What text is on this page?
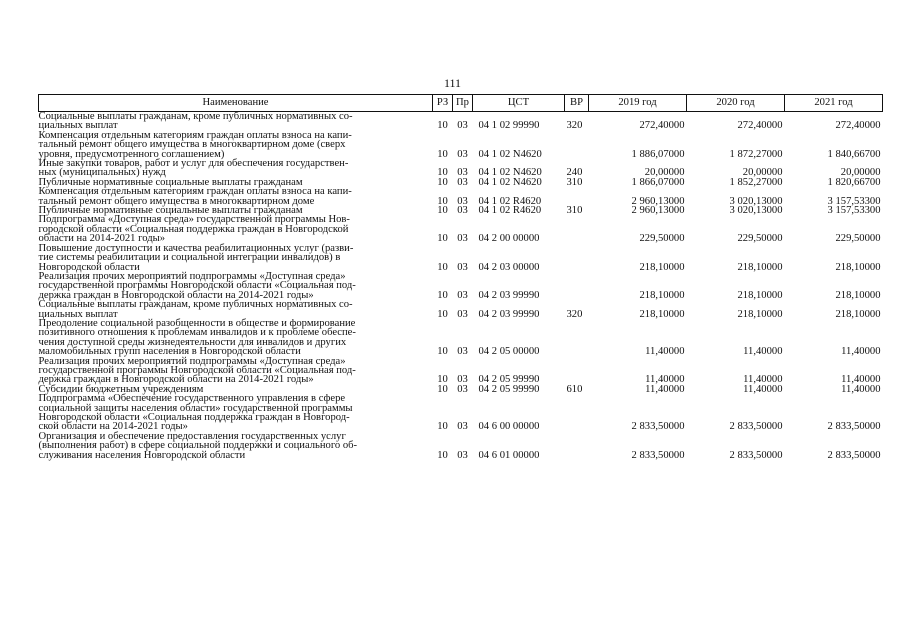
111
Наименование	РЗ	Пр	ЦСТ	ВР	2019 год	2020 год	2021 год

Социальные выплаты гражданам, кроме публичных нормативных со-
циальных выплат	10	03	04 1 02 99990	320	272,40000	272,40000	272,40000

Компенсация отдельным категориям граждан оплаты взноса на капи-
тальный ремонт общего имущества в многоквартирном доме (сверх
уровня, предусмотренного соглашением)	10	03	04 1 02 N4620		1 886,07000	1 872,27000	1 840,66700

Иные закупки товаров, работ и услуг для обеспечения государствен-
ных (муниципальных) нужд	10	03	04 1 02 N4620	240	20,00000	20,00000	20,00000

Публичные нормативные социальные выплаты гражданам	10	03	04 1 02 N4620	310	1 866,07000	1 852,27000	1 820,66700

Компенсация отдельным категориям граждан оплаты взноса на капи-
тальный ремонт общего имущества в многоквартирном доме	10	03	04 1 02 R4620		2 960,13000	3 020,13000	3 157,53300

Публичные нормативные социальные выплаты гражданам	10	03	04 1 02 R4620	310	2 960,13000	3 020,13000	3 157,53300

Подпрограмма «Доступная среда» государственной программы Нов-
городской области «Социальная поддержка граждан в Новгородской
области на 2014-2021 годы»	10	03	04 2 00 00000		229,50000	229,50000	229,50000

Повышение доступности и качества реабилитационных услуг (разви-
тие системы реабилитации и социальной интеграции инвалидов) в
Новгородской области	10	03	04 2 03 00000		218,10000	218,10000	218,10000

Реализация прочих мероприятий подпрограммы «Доступная среда»
государственной программы Новгородской области «Социальная под-
держка граждан в Новгородской области на 2014-2021 годы»	10	03	04 2 03 99990		218,10000	218,10000	218,10000

Социальные выплаты гражданам, кроме публичных нормативных со-
циальных выплат	10	03	04 2 03 99990	320	218,10000	218,10000	218,10000

Преодоление социальной разобщенности в обществе и формирование
позитивного отношения к проблемам инвалидов и к проблеме обеспе-
чения доступной среды жизнедеятельности для инвалидов и других
маломобильных групп населения в Новгородской области	10	03	04 2 05 00000		11,40000	11,40000	11,40000

Реализация прочих мероприятий подпрограммы «Доступная среда»
государственной программы Новгородской области «Социальная под-
держка граждан в Новгородской области на 2014-2021 годы»	10	03	04 2 05 99990		11,40000	11,40000	11,40000

Субсидии бюджетным учреждениям	10	03	04 2 05 99990	610	11,40000	11,40000	11,40000

Подпрограмма «Обеспечение государственного управления в сфере
социальной защиты населения области» государственной программы
Новгородской области «Социальная поддержка граждан в Новгород-
ской области на 2014-2021 годы»	10	03	04 6 00 00000		2 833,50000	2 833,50000	2 833,50000

Организация и обеспечение предоставления государственных услуг
(выполнения работ) в сфере социальной поддержки и социального об-
служивания населения Новгородской области	10	03	04 6 01 00000		2 833,50000	2 833,50000	2 833,50000
